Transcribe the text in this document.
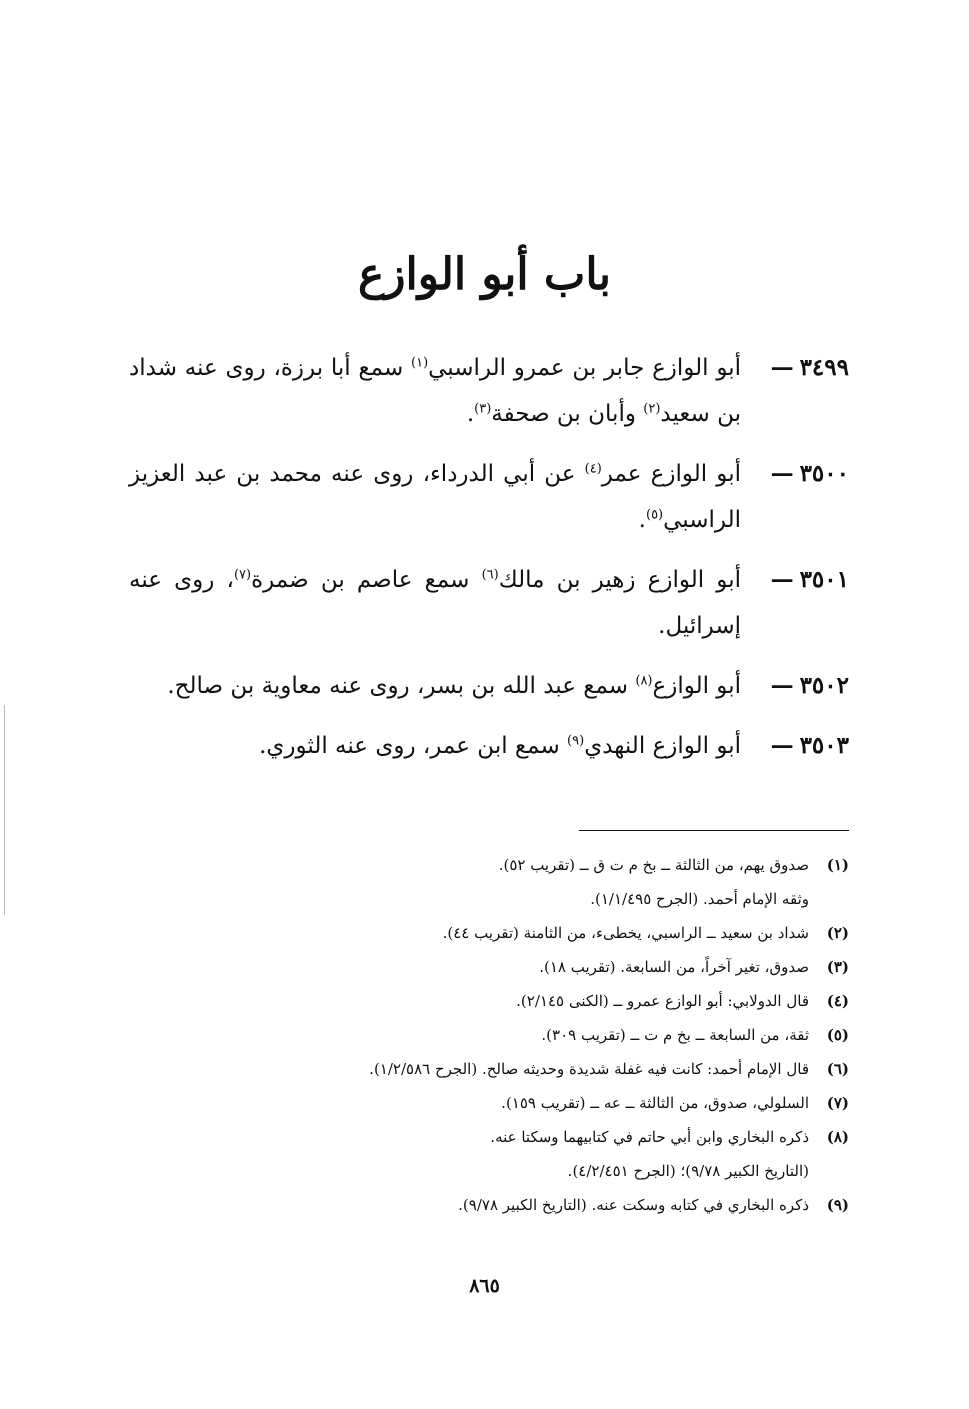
باب أبو الوازع
٣٤٩٩—
أبو الوازع جابر بن عمرو الراسبي$^{(١)}$ سمع أبا برزة، روى عنه شداد بن سعيد$^{(٢)}$ وأبان بن صحفة$^{(٣)}$.
٣٥٠٠—
أبو الوازع عمر$^{(٤)}$ عن أبي الدرداء، روى عنه محمد بن عبد العزيز الراسبي$^{(٥)}$.
٣٥٠١—
أبو الوازع زهير بن مالك$^{(٦)}$ سمع عاصم بن ضمرة$^{(٧)}$، روى عنه إسرائيل.
٣٥٠٢—
أبو الوازع$^{(٨)}$ سمع عبد الله بن بسر، روى عنه معاوية بن صالح.
٣٥٠٣—
أبو الوازع النهدي$^{(٩)}$ سمع ابن عمر، روى عنه الثوري.
(١)
صدوق يهم، من الثالثة ــ بخ م ت ق ــ (تقريب ٥٢).
وثقه الإمام أحمد. (الجرح ١/١/٤٩٥).
(٢)
شداد بن سعيد ــ الراسبي، يخطىء، من الثامنة (تقريب ٤٤).
(٣)
صدوق، تغير آخراً، من السابعة. (تقريب ١٨).
(٤)
قال الدولابي: أبو الوازع عمرو ــ (الكنى ٢/١٤٥).
(٥)
ثقة، من السابعة ــ بخ م ت ــ (تقريب ٣٠٩).
(٦)
قال الإمام أحمد: كانت فيه غفلة شديدة وحديثه صالح. (الجرح ١/٢/٥٨٦).
(٧)
السلولي، صدوق، من الثالثة ــ عه ــ (تقريب ١٥٩).
(٨)
ذكره البخاري وابن أبي حاتم في كتابيهما وسكتا عنه.
(التاريخ الكبير ٩/٧٨)؛ (الجرح ٤/٢/٤٥١).
(٩)
ذكره البخاري في كتابه وسكت عنه. (التاريخ الكبير ٩/٧٨).
٨٦٥
